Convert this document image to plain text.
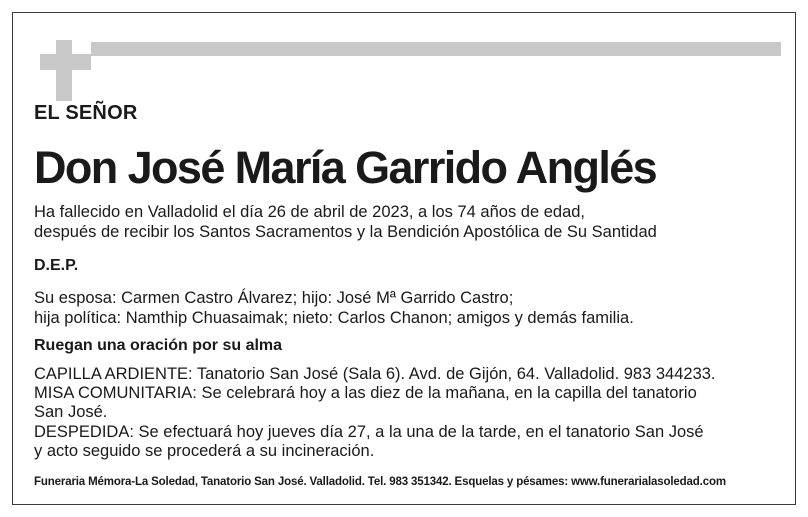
EL SEÑOR
Don José María Garrido Anglés
Ha fallecido en Valladolid el día 26 de abril de 2023, a los 74 años de edad,
después de recibir los Santos Sacramentos y la Bendición Apostólica de Su Santidad
D.E.P.
Su esposa: Carmen Castro Álvarez; hijo: José Mª Garrido Castro;
hija política: Namthip Chuasaimak; nieto: Carlos Chanon; amigos y demás familia.
Ruegan una oración por su alma
CAPILLA ARDIENTE: Tanatorio San José (Sala 6). Avd. de Gijón, 64. Valladolid. 983 344233.
MISA COMUNITARIA: Se celebrará hoy a las diez de la mañana, en la capilla del tanatorio
San José.
DESPEDIDA: Se efectuará hoy jueves día 27, a la una de la tarde, en el tanatorio San José
y acto seguido se procederá a su incineración.
Funeraria Mémora-La Soledad, Tanatorio San José. Valladolid. Tel. 983 351342. Esquelas y pésames: www.funerarialasoledad.com
